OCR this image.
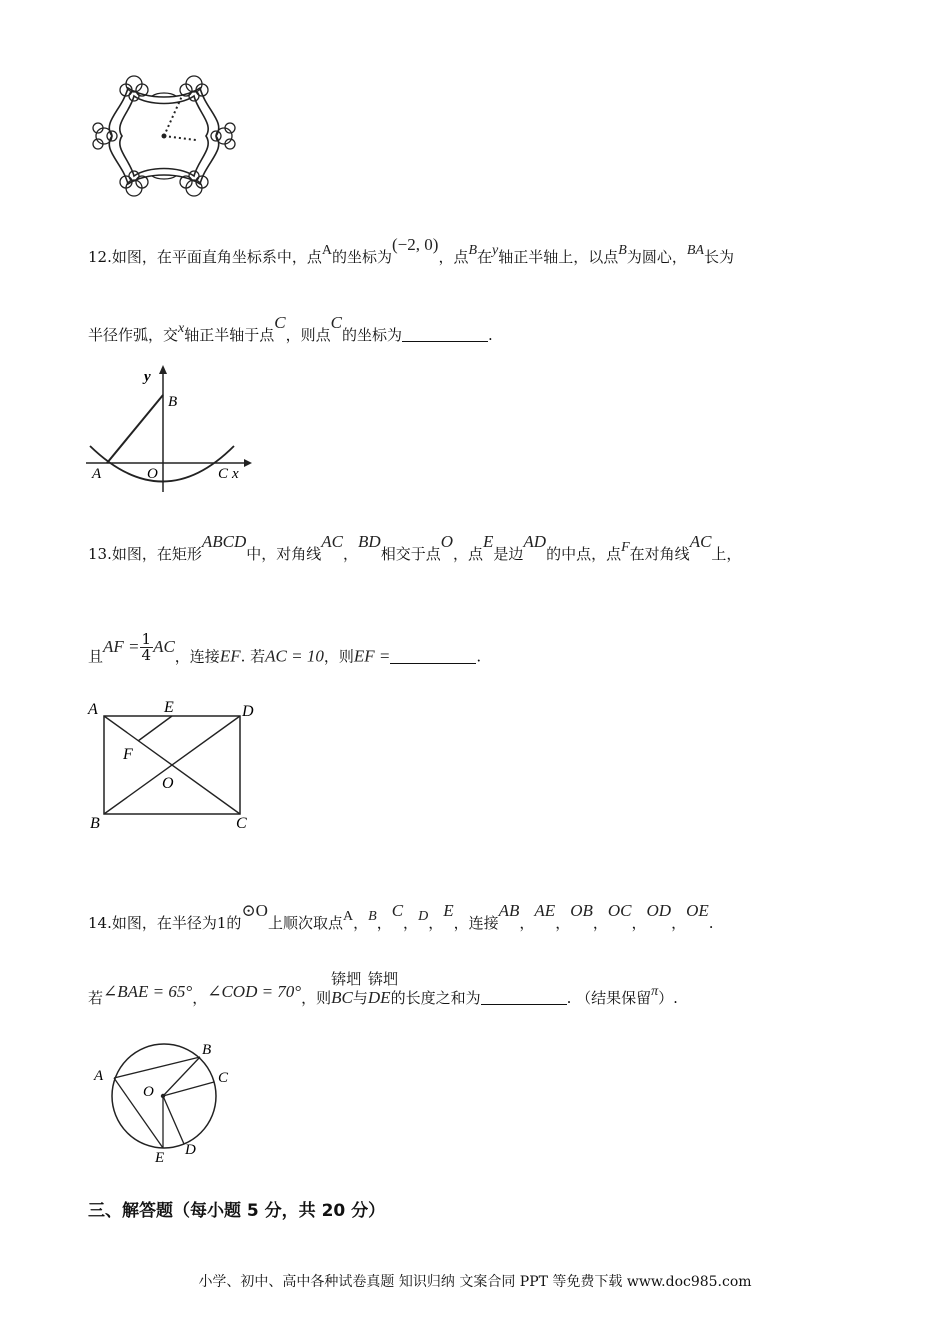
12.如图，在平面直角坐标系中，点A的坐标为(−2, 0)，点B在y轴正半轴上，以点B为圆心，BA长为
半径作弧，交x轴正半轴于点C，则点C的坐标为	.
y
B
A	O	C x
13.如图，在矩形ABCD中，对角线AC，BD相交于点O，点E是边AD的中点，点F在对角线AC上，
且AF = $\frac{1}{4}$ AC，连接EF. 若AC = 10，则EF =	.
A	E	D
F
O
B	C
14.如图，在半径为1的⊙O上顺次取点A，B，C，D，E，连接AB，AE，OB，OC，OD，OE.
若∠BAE = 65°，∠COD = 70°，则
锛垇
BC与
锛垇
DE的长度之和为	. （结果保留π）.
A
B
C
O
E D
三、解答题（每小题 5 分，共 20 分）
小学、初中、高中各种试卷真题 知识归纳 文案合同 PPT 等免费下载 www.doc985.com
